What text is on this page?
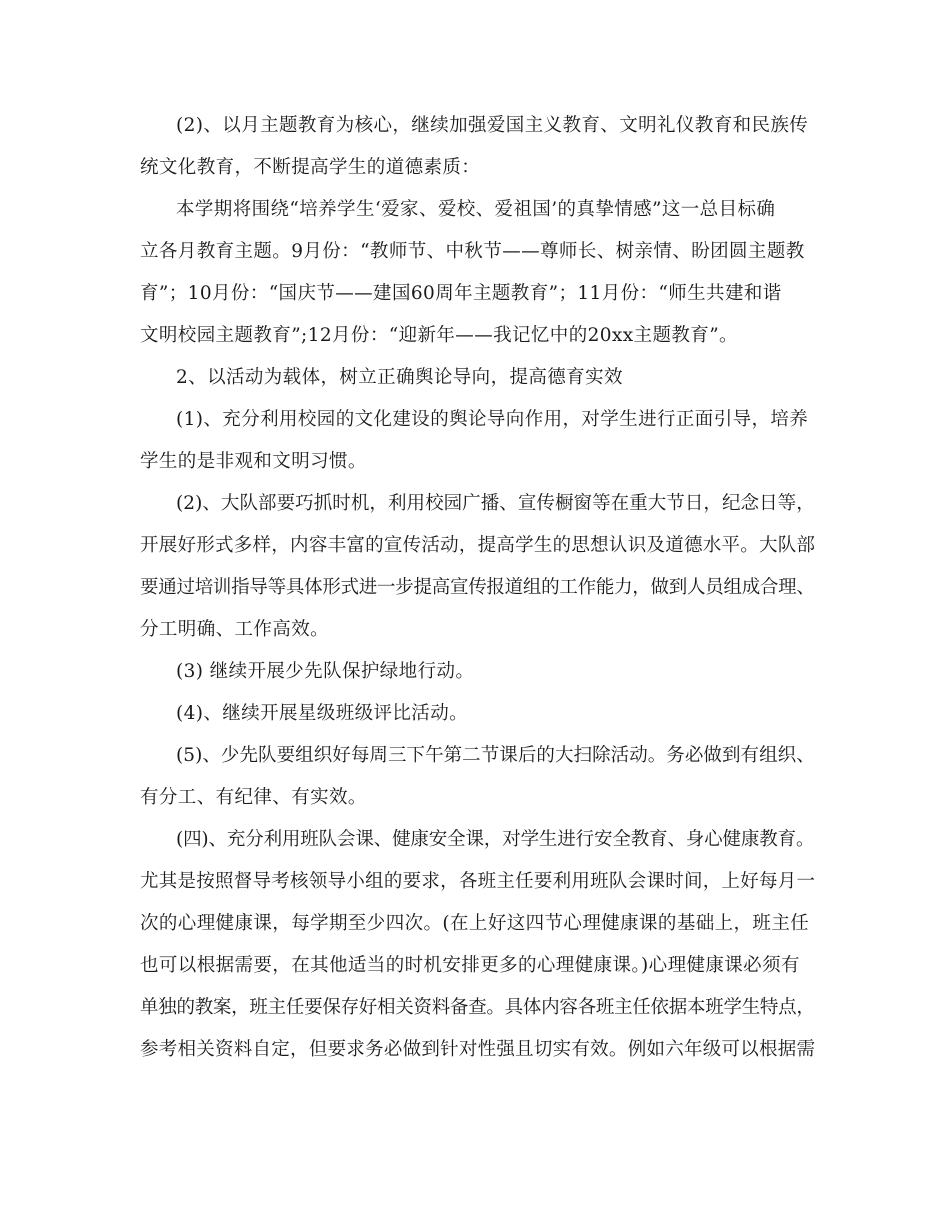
(2)、以月主题教育为核心，继续加强爱国主义教育、文明礼仪教育和民族传

统文化教育，不断提高学生的道德素质：

本学期将围绕“培养学生‘爱家、爱校、爱祖国’的真挚情感”这一总目标确

立各月教育主题。9月份：“教师节、中秋节——尊师长、树亲情、盼团圆主题教

育”；10月份：“国庆节——建国60周年主题教育”；11月份：“师生共建和谐

文明校园主题教育”;12月份：“迎新年——我记忆中的20xx主题教育”。

2、以活动为载体，树立正确舆论导向，提高德育实效

(1)、充分利用校园的文化建设的舆论导向作用，对学生进行正面引导，培养

学生的是非观和文明习惯。

(2)、大队部要巧抓时机，利用校园广播、宣传橱窗等在重大节日，纪念日等，

开展好形式多样，内容丰富的宣传活动，提高学生的思想认识及道德水平。大队部

要通过培训指导等具体形式进一步提高宣传报道组的工作能力，做到人员组成合理、

分工明确、工作高效。

(3) 继续开展少先队保护绿地行动。

(4)、继续开展星级班级评比活动。

(5)、少先队要组织好每周三下午第二节课后的大扫除活动。务必做到有组织、

有分工、有纪律、有实效。

(四)、充分利用班队会课、健康安全课，对学生进行安全教育、身心健康教育。

尤其是按照督导考核领导小组的要求，各班主任要利用班队会课时间，上好每月一

次的心理健康课，每学期至少四次。(在上好这四节心理健康课的基础上，班主任

也可以根据需要，在其他适当的时机安排更多的心理健康课。)心理健康课必须有

单独的教案，班主任要保存好相关资料备查。具体内容各班主任依据本班学生特点，

参考相关资料自定，但要求务必做到针对性强且切实有效。例如六年级可以根据需
